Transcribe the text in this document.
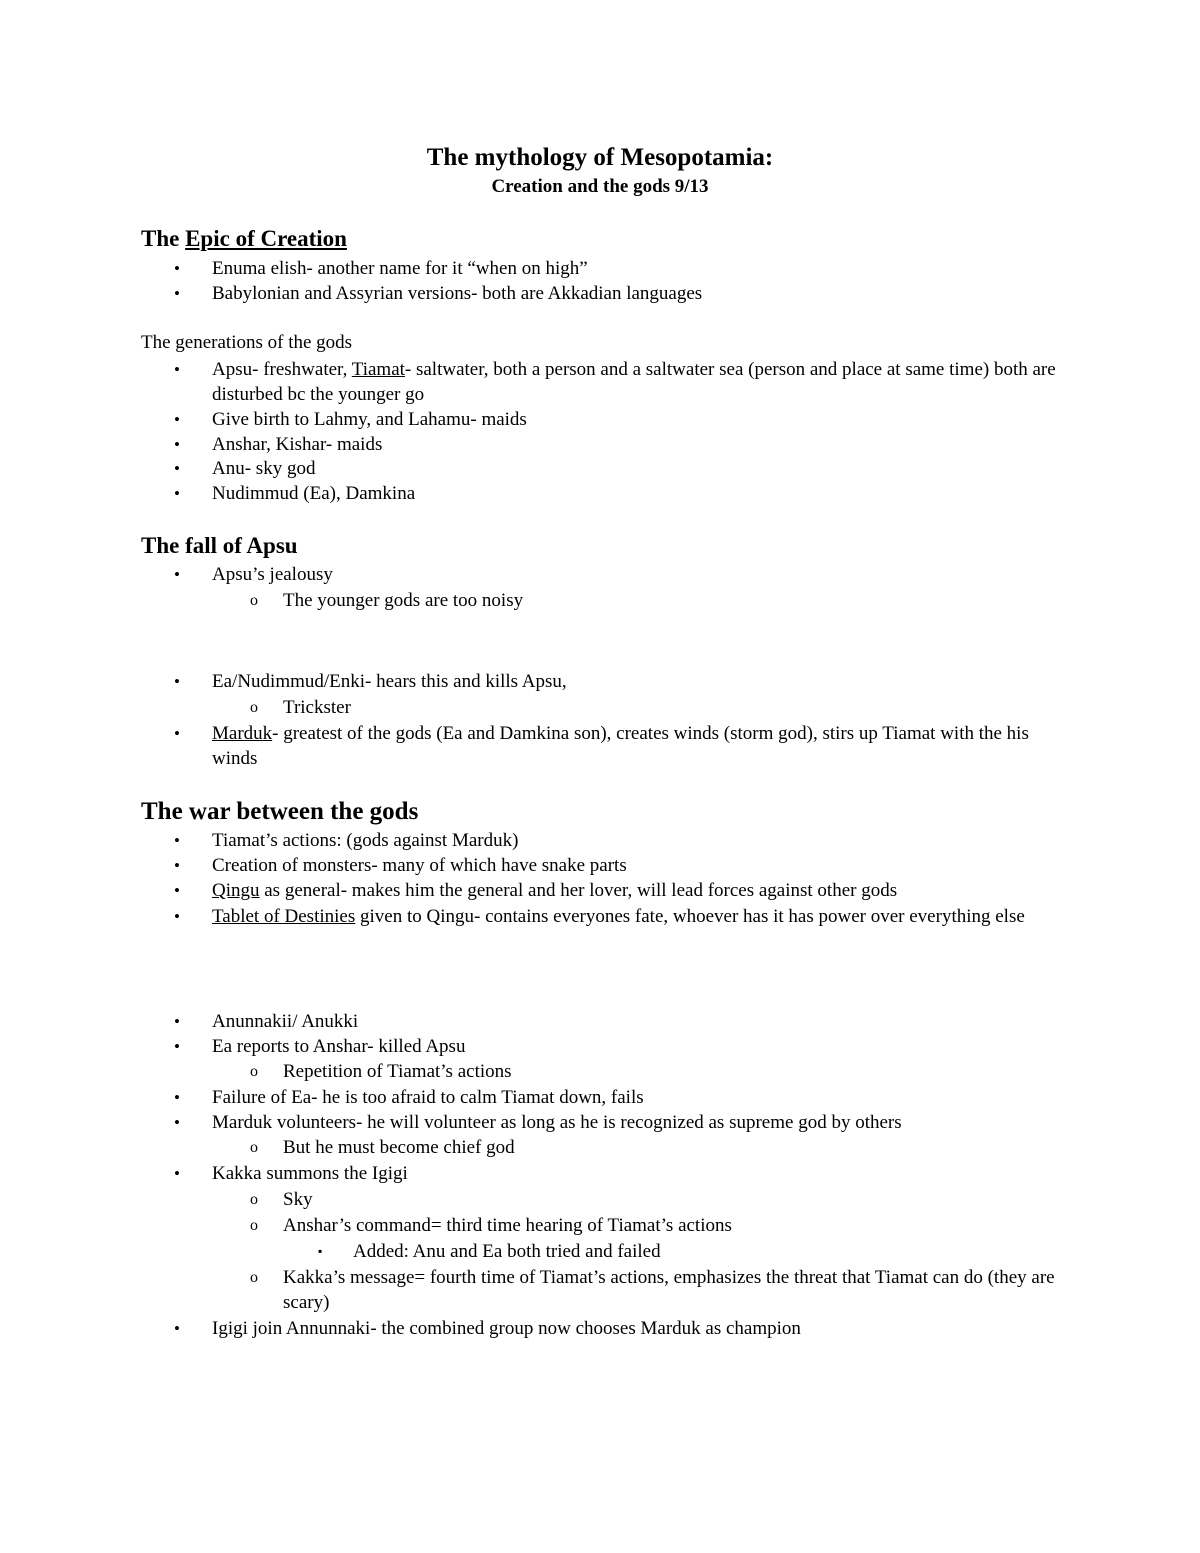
The mythology of Mesopotamia:
Creation and the gods 9/13
The Epic of Creation
• Enuma elish- another name for it “when on high”
• Babylonian and Assyrian versions- both are Akkadian languages
The generations of the gods
• Apsu- freshwater, Tiamat- saltwater, both a person and a saltwater sea (person and place at same time) both are disturbed bc the younger go
• Give birth to Lahmy, and Lahamu- maids
• Anshar, Kishar- maids
• Anu- sky god
• Nudimmud (Ea), Damkina
The fall of Apsu
• Apsu’s jealousy
o The younger gods are too noisy
• Ea/Nudimmud/Enki- hears this and kills Apsu,
o Trickster
• Marduk- greatest of the gods (Ea and Damkina son), creates winds (storm god), stirs up Tiamat with the his winds
The war between the gods
• Tiamat’s actions: (gods against Marduk)
• Creation of monsters- many of which have snake parts
• Qingu as general- makes him the general and her lover, will lead forces against other gods
• Tablet of Destinies given to Qingu- contains everyones fate, whoever has it has power over everything else
• Anunnakii/ Anukki
• Ea reports to Anshar- killed Apsu
o Repetition of Tiamat’s actions
• Failure of Ea- he is too afraid to calm Tiamat down, fails
• Marduk volunteers- he will volunteer as long as he is recognized as supreme god by others
o But he must become chief god
• Kakka summons the Igigi
o Sky
o Anshar’s command= third time hearing of Tiamat’s actions
▪ Added: Anu and Ea both tried and failed
o Kakka’s message= fourth time of Tiamat’s actions, emphasizes the threat that Tiamat can do (they are scary)
• Igigi join Annunnaki- the combined group now chooses Marduk as champion
